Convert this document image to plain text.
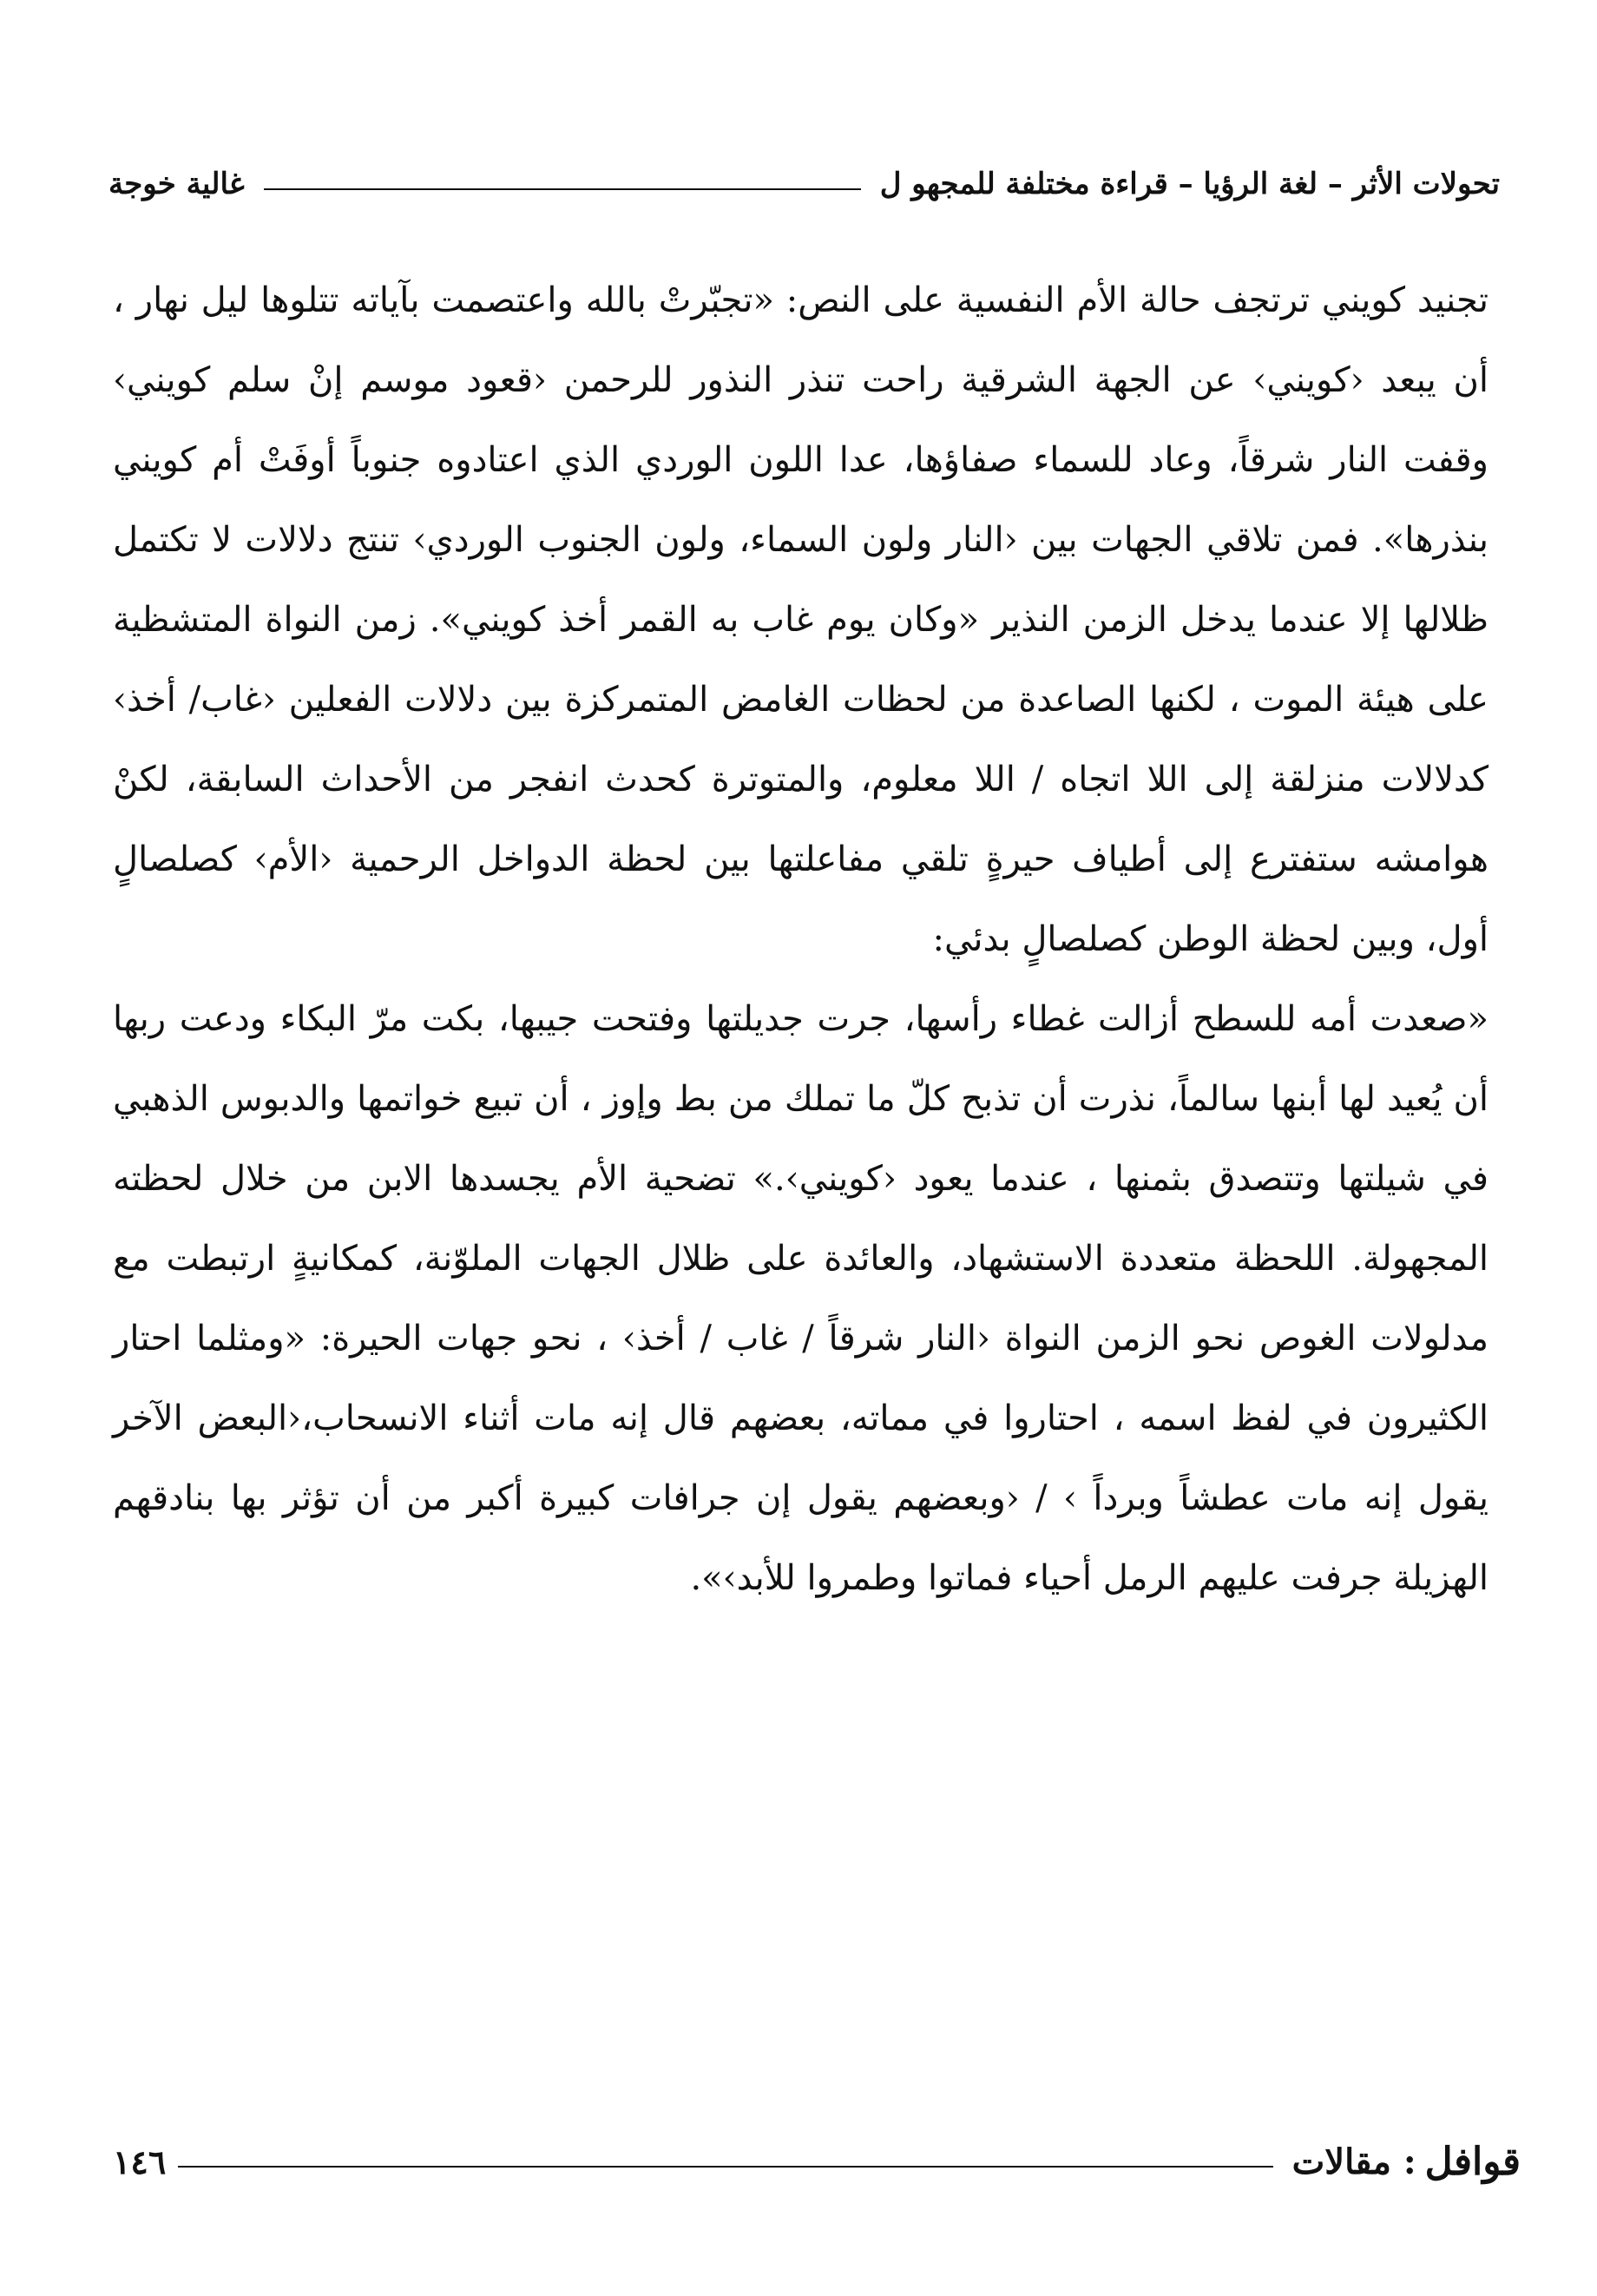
تحولات الأثر – لغة الرؤيا – قراءة مختلفة للمجهو ل
غالية خوجة

تجنيد كويني ترتجف حالة الأم النفسية على النص: «تجبّرتْ بالله واعتصمت بآياته تتلوها ليل نهار ، أن يبعد ‹كويني› عن الجهة الشرقية راحت تنذر النذور للرحمن ‹قعود موسم إنْ سلم كويني› وقفت النار شرقاً، وعاد للسماء صفاؤها، عدا اللون الوردي الذي اعتادوه جنوباً أوفَتْ أم كويني بنذرها». فمن تلاقي الجهات بين ‹النار ولون السماء، ولون الجنوب الوردي› تنتج دلالات لا تكتمل ظلالها إلا عندما يدخل الزمن النذير «وكان يوم غاب به القمر أخذ كويني». زمن النواة المتشظية على هيئة الموت ، لكنها الصاعدة من لحظات الغامض المتمركزة بين دلالات الفعلين ‹غاب/ أخذ› كدلالات منزلقة إلى اللا اتجاه / اللا معلوم، والمتوترة كحدث انفجر من الأحداث السابقة، لكنْ هوامشه ستفترع إلى أطياف حيرةٍ تلقي مفاعلتها بين لحظة الدواخل الرحمية ‹الأم› كصلصالٍ أول، وبين لحظة الوطن كصلصالٍ بدئي:

«صعدت أمه للسطح أزالت غطاء رأسها، جرت جديلتها وفتحت جيبها، بكت مرّ البكاء ودعت ربها أن يُعيد لها أبنها سالماً، نذرت أن تذبح كلّ ما تملك من بط وإوز ، أن تبيع خواتمها والدبوس الذهبي في شيلتها وتتصدق بثمنها ، عندما يعود ‹كويني›.» تضحية الأم يجسدها الابن من خلال لحظته المجهولة. اللحظة متعددة الاستشهاد، والعائدة على ظلال الجهات الملوّنة، كمكانيةٍ ارتبطت مع مدلولات الغوص نحو الزمن النواة ‹النار شرقاً / غاب / أخذ› ، نحو جهات الحيرة: «ومثلما احتار الكثيرون في لفظ اسمه ، احتاروا في مماته، بعضهم قال إنه مات أثناء الانسحاب،‹البعض الآخر يقول إنه مات عطشاً وبرداً › / ‹وبعضهم يقول إن جرافات كبيرة أكبر من أن تؤثر بها بنادقهم الهزيلة جرفت عليهم الرمل أحياء فماتوا وطمروا للأبد›».

قوافل
: مقالات
١٤٦
